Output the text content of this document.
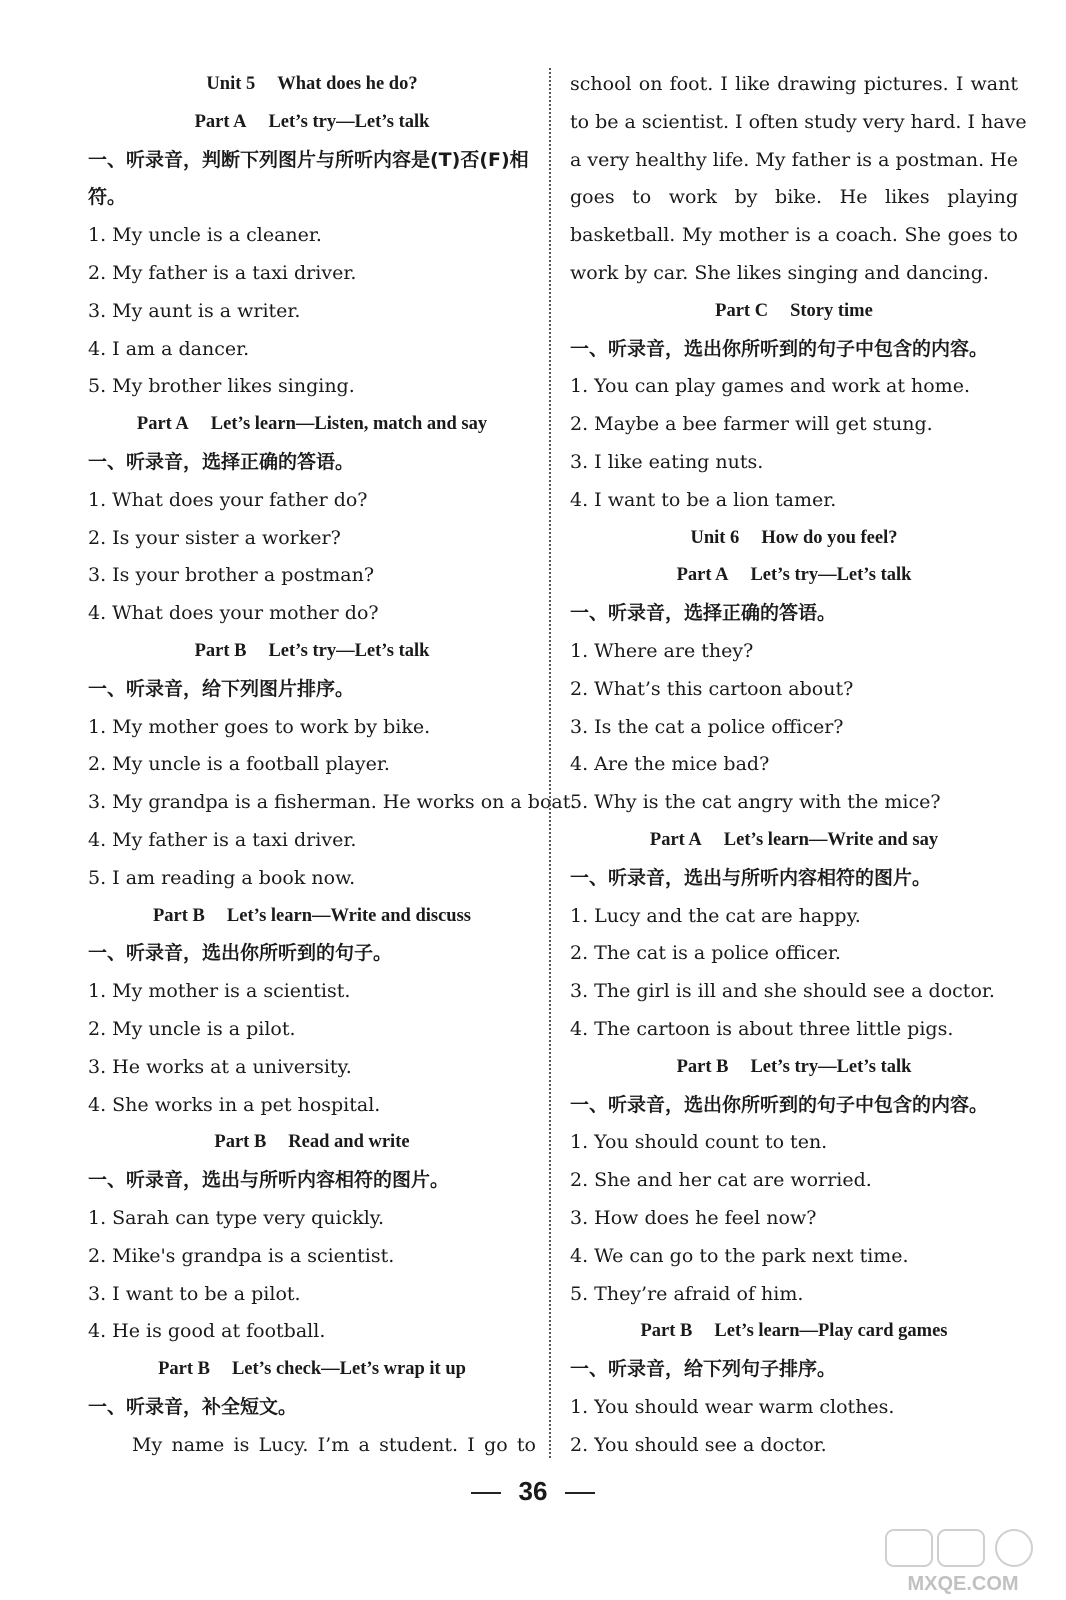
Unit 5 What does he do?
Part A Let’s try—Let’s talk
一、听录音，判断下列图片与所听内容是(T)否(F)相符。
1. My uncle is a cleaner.
2. My father is a taxi driver.
3. My aunt is a writer.
4. I am a dancer.
5. My brother likes singing.
Part A Let’s learn—Listen, match and say
一、听录音，选择正确的答语。
1. What does your father do?
2. Is your sister a worker?
3. Is your brother a postman?
4. What does your mother do?
Part B Let’s try—Let’s talk
一、听录音，给下列图片排序。
1. My mother goes to work by bike.
2. My uncle is a football player.
3. My grandpa is a fisherman. He works on a boat.
4. My father is a taxi driver.
5. I am reading a book now.
Part B Let’s learn—Write and discuss
一、听录音，选出你所听到的句子。
1. My mother is a scientist.
2. My uncle is a pilot.
3. He works at a university.
4. She works in a pet hospital.
Part B Read and write
一、听录音，选出与所听内容相符的图片。
1. Sarah can type very quickly.
2. Mike's grandpa is a scientist.
3. I want to be a pilot.
4. He is good at football.
Part B Let’s check—Let’s wrap it up
一、听录音，补全短文。
My name is Lucy. I’m a student. I go to
school on foot. I like drawing pictures. I want
to be a scientist. I often study very hard. I have
a very healthy life. My father is a postman. He
goes to work by bike. He likes playing
basketball. My mother is a coach. She goes to
work by car. She likes singing and dancing.
Part C Story time
一、听录音，选出你所听到的句子中包含的内容。
1. You can play games and work at home.
2. Maybe a bee farmer will get stung.
3. I like eating nuts.
4. I want to be a lion tamer.
Unit 6 How do you feel?
Part A Let’s try—Let’s talk
一、听录音，选择正确的答语。
1. Where are they?
2. What’s this cartoon about?
3. Is the cat a police officer?
4. Are the mice bad?
5. Why is the cat angry with the mice?
Part A Let’s learn—Write and say
一、听录音，选出与所听内容相符的图片。
1. Lucy and the cat are happy.
2. The cat is a police officer.
3. The girl is ill and she should see a doctor.
4. The cartoon is about three little pigs.
Part B Let’s try—Let’s talk
一、听录音，选出你所听到的句子中包含的内容。
1. You should count to ten.
2. She and her cat are worried.
3. How does he feel now?
4. We can go to the park next time.
5. They’re afraid of him.
Part B Let’s learn—Play card games
一、听录音，给下列句子排序。
1. You should wear warm clothes.
2. You should see a doctor.
36
MXQE.COM
